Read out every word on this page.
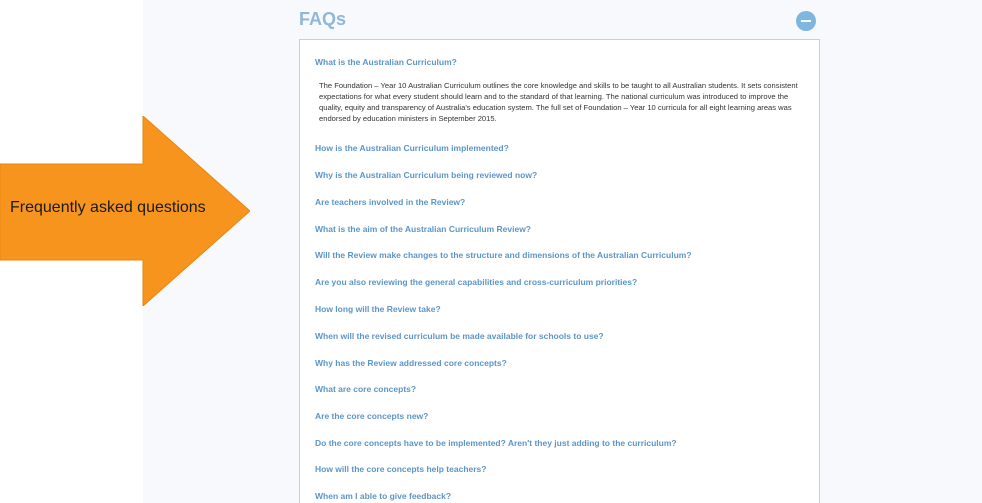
FAQs
What is the Australian Curriculum?

The Foundation – Year 10 Australian Curriculum outlines the core knowledge and skills to be taught to all Australian students. It sets consistent expectations for what every student should learn and to the standard of that learning. The national curriculum was introduced to improve the quality, equity and transparency of Australia's education system. The full set of Foundation – Year 10 curricula for all eight learning areas was endorsed by education ministers in September 2015.

How is the Australian Curriculum implemented?
Why is the Australian Curriculum being reviewed now?
Are teachers involved in the Review?
What is the aim of the Australian Curriculum Review?
Will the Review make changes to the structure and dimensions of the Australian Curriculum?
Are you also reviewing the general capabilities and cross-curriculum priorities?
How long will the Review take?
When will the revised curriculum be made available for schools to use?
Why has the Review addressed core concepts?
What are core concepts?
Are the core concepts new?
Do the core concepts have to be implemented? Aren't they just adding to the curriculum?
How will the core concepts help teachers?
When am I able to give feedback?
Frequently asked questions
